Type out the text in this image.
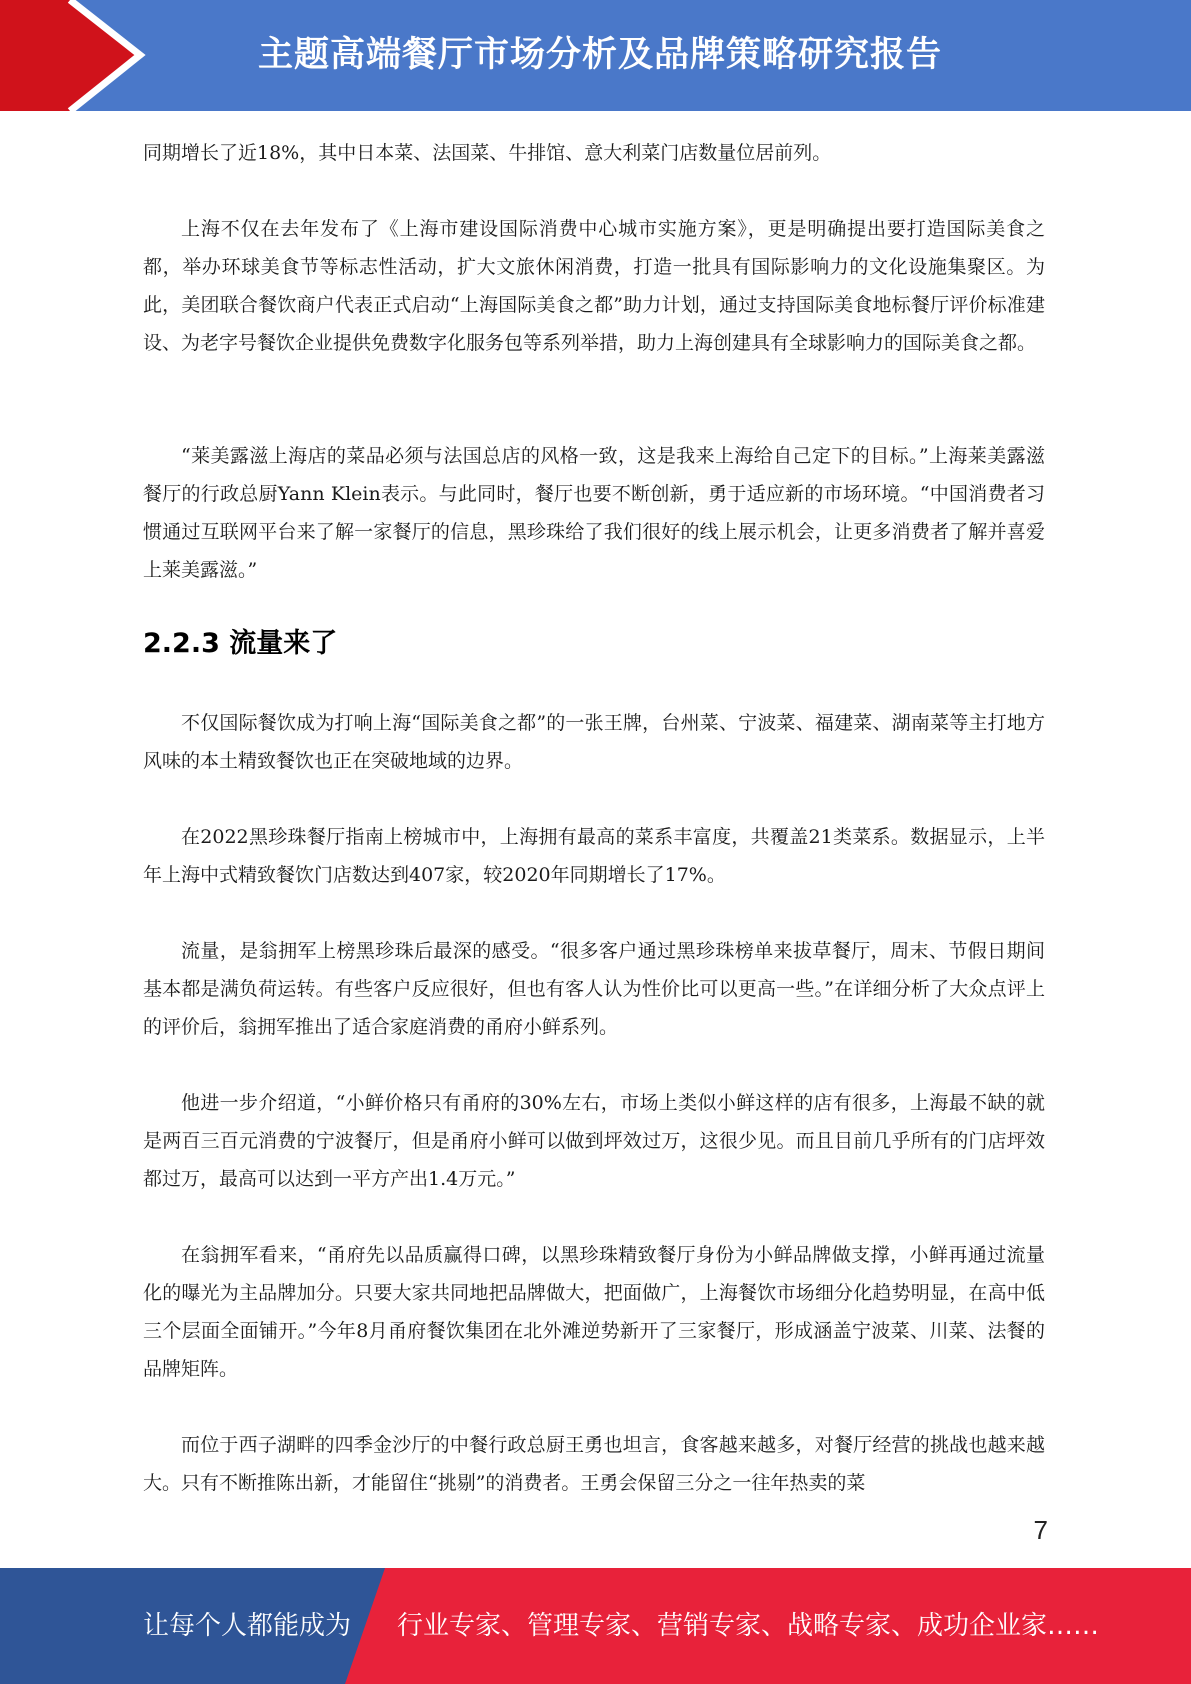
主题高端餐厅市场分析及品牌策略研究报告

同期增长了近18%，其中日本菜、法国菜、牛排馆、意大利菜门店数量位居前列。

上海不仅在去年发布了《上海市建设国际消费中心城市实施方案》，更是明确提出要打造国际美食之都，举办环球美食节等标志性活动，扩大文旅休闲消费，打造一批具有国际影响力的文化设施集聚区。为此，美团联合餐饮商户代表正式启动“上海国际美食之都”助力计划，通过支持国际美食地标餐厅评价标准建设、为老字号餐饮企业提供免费数字化服务包等系列举措，助力上海创建具有全球影响力的国际美食之都。

“莱美露滋上海店的菜品必须与法国总店的风格一致，这是我来上海给自己定下的目标。”上海莱美露滋餐厅的行政总厨Yann Klein表示。与此同时，餐厅也要不断创新，勇于适应新的市场环境。“中国消费者习惯通过互联网平台来了解一家餐厅的信息，黑珍珠给了我们很好的线上展示机会，让更多消费者了解并喜爱上莱美露滋。”

2.2.3 流量来了

不仅国际餐饮成为打响上海“国际美食之都”的一张王牌，台州菜、宁波菜、福建菜、湖南菜等主打地方风味的本土精致餐饮也正在突破地域的边界。

在2022黑珍珠餐厅指南上榜城市中，上海拥有最高的菜系丰富度，共覆盖21类菜系。数据显示，上半年上海中式精致餐饮门店数达到407家，较2020年同期增长了17%。

流量，是翁拥军上榜黑珍珠后最深的感受。“很多客户通过黑珍珠榜单来拔草餐厅，周末、节假日期间基本都是满负荷运转。有些客户反应很好，但也有客人认为性价比可以更高一些。”在详细分析了大众点评上的评价后，翁拥军推出了适合家庭消费的甬府小鲜系列。

他进一步介绍道，“小鲜价格只有甬府的30%左右，市场上类似小鲜这样的店有很多，上海最不缺的就是两百三百元消费的宁波餐厅，但是甬府小鲜可以做到坪效过万，这很少见。而且目前几乎所有的门店坪效都过万，最高可以达到一平方产出1.4万元。”

在翁拥军看来，“甬府先以品质赢得口碑，以黑珍珠精致餐厅身份为小鲜品牌做支撑，小鲜再通过流量化的曝光为主品牌加分。只要大家共同地把品牌做大，把面做广，上海餐饮市场细分化趋势明显，在高中低三个层面全面铺开。”今年8月甬府餐饮集团在北外滩逆势新开了三家餐厅，形成涵盖宁波菜、川菜、法餐的品牌矩阵。

而位于西子湖畔的四季金沙厅的中餐行政总厨王勇也坦言，食客越来越多，对餐厅经营的挑战也越来越大。只有不断推陈出新，才能留住“挑剔”的消费者。王勇会保留三分之一往年热卖的菜

7
让每个人都能成为 行业专家、管理专家、营销专家、战略专家、成功企业家……
